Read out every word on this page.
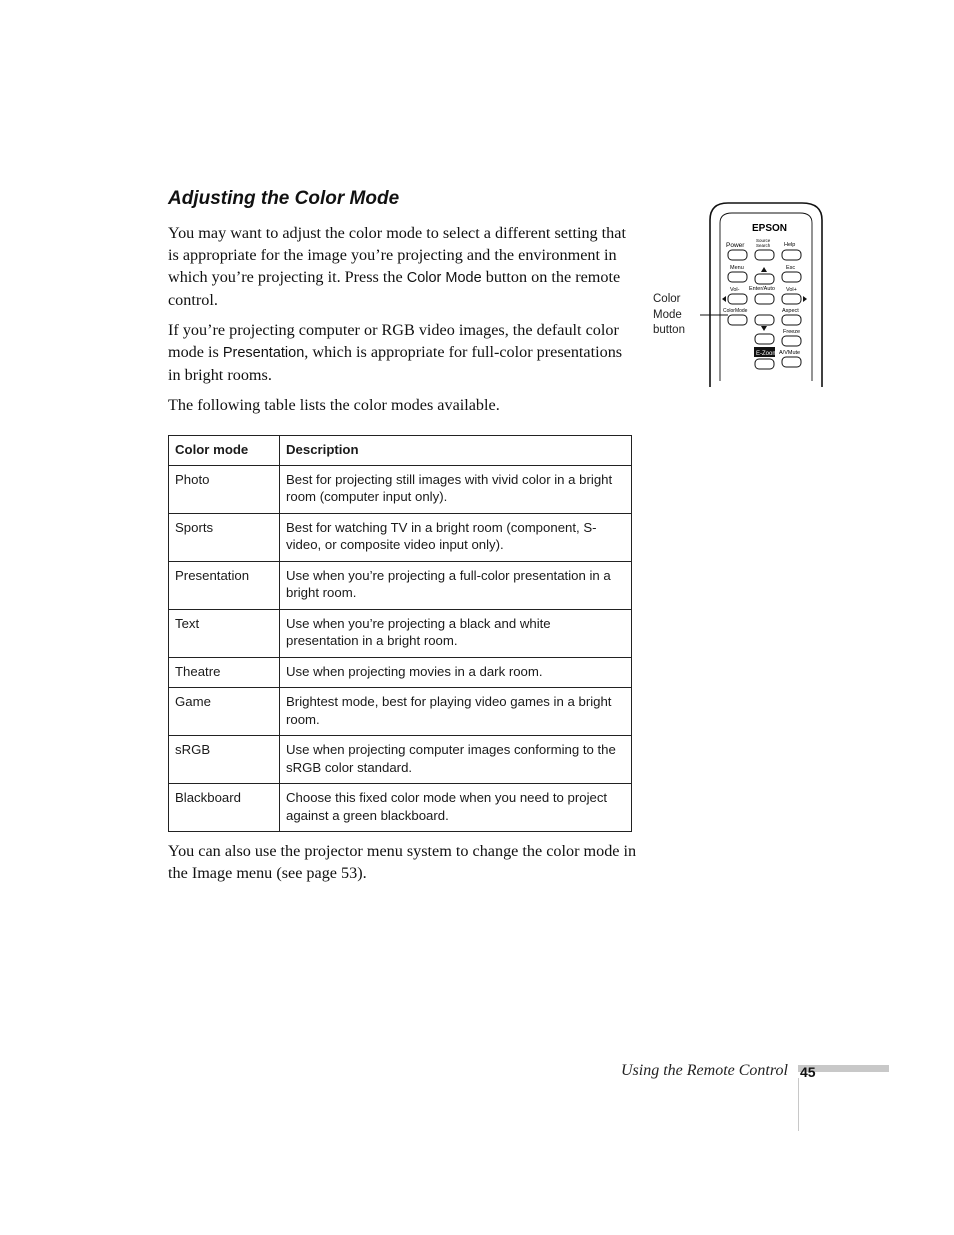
Adjusting the Color Mode

You may want to adjust the color mode to select a different setting that is appropriate for the image you’re projecting and the environment in which you’re projecting it. Press the Color Mode button on the remote control.

If you’re projecting computer or RGB video images, the default color mode is Presentation, which is appropriate for full-color presentations in bright rooms.

The following table lists the color modes available.

Color mode	Description
Photo	Best for projecting still images with vivid color in a bright room (computer input only).
Sports	Best for watching TV in a bright room (component, S-video, or composite video input only).
Presentation	Use when you’re projecting a full-color presentation in a bright room.
Text	Use when you’re projecting a black and white presentation in a bright room.
Theatre	Use when projecting movies in a dark room.
Game	Brightest mode, best for playing video games in a bright room.
sRGB	Use when projecting computer images conforming to the sRGB color standard.
Blackboard	Choose this fixed color mode when you need to project against a green blackboard.

You can also use the projector menu system to change the color mode in the Image menu (see page 53).

Color
Mode
button
EPSON
Power
Source
Search Help
Menu	Esc
Enter/Auto
Vol-	Vol+
ColorMode	Aspect
Freeze
E-Zoom A/VMute
Using the Remote Control 45
